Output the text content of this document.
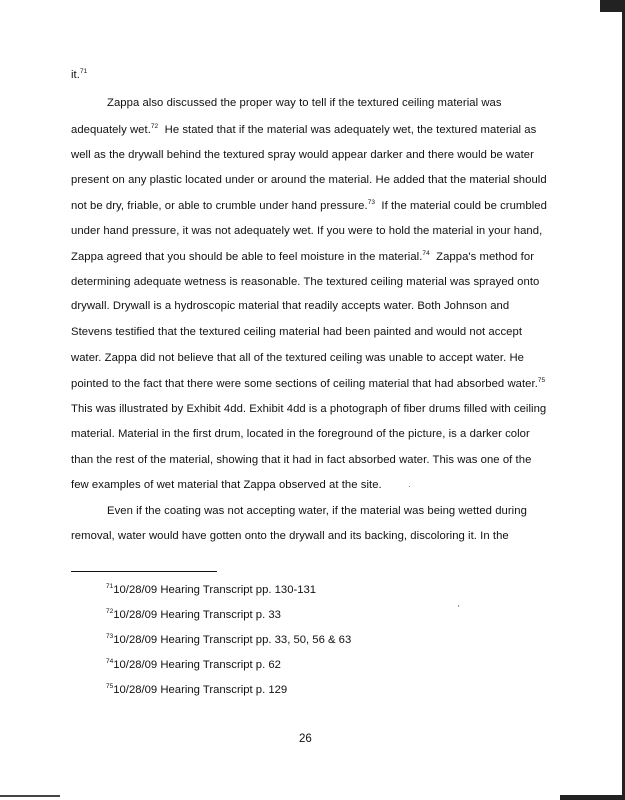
it.$^{71}$
Zappa also discussed the proper way to tell if the textured ceiling material was
adequately wet.$^{72}$  He stated that if the material was adequately wet, the textured material as
well as the drywall behind the textured spray would appear darker and there would be water
present on any plastic located under or around the material. He added that the material should
not be dry, friable, or able to crumble under hand pressure.$^{73}$  If the material could be crumbled
under hand pressure, it was not adequately wet. If you were to hold the material in your hand,
Zappa agreed that you should be able to feel moisture in the material.$^{74}$  Zappa's method for
determining adequate wetness is reasonable. The textured ceiling material was sprayed onto
drywall. Drywall is a hydroscopic material that readily accepts water. Both Johnson and
Stevens testified that the textured ceiling material had been painted and would not accept
water. Zappa did not believe that all of the textured ceiling was unable to accept water. He
pointed to the fact that there were some sections of ceiling material that had absorbed water.$^{75}$
This was illustrated by Exhibit 4dd. Exhibit 4dd is a photograph of fiber drums filled with ceiling
material. Material in the first drum, located in the foreground of the picture, is a darker color
than the rest of the material, showing that it had in fact absorbed water. This was one of the
few examples of wet material that Zappa observed at the site.
Even if the coating was not accepting water, if the material was being wetted during
removal, water would have gotten onto the drywall and its backing, discoloring it. In the
$^{71}$10/28/09 Hearing Transcript pp. 130-131
$^{72}$10/28/09 Hearing Transcript p. 33
$^{73}$10/28/09 Hearing Transcript pp. 33, 50, 56 & 63
$^{74}$10/28/09 Hearing Transcript p. 62
$^{75}$10/28/09 Hearing Transcript p. 129
26
·
'
